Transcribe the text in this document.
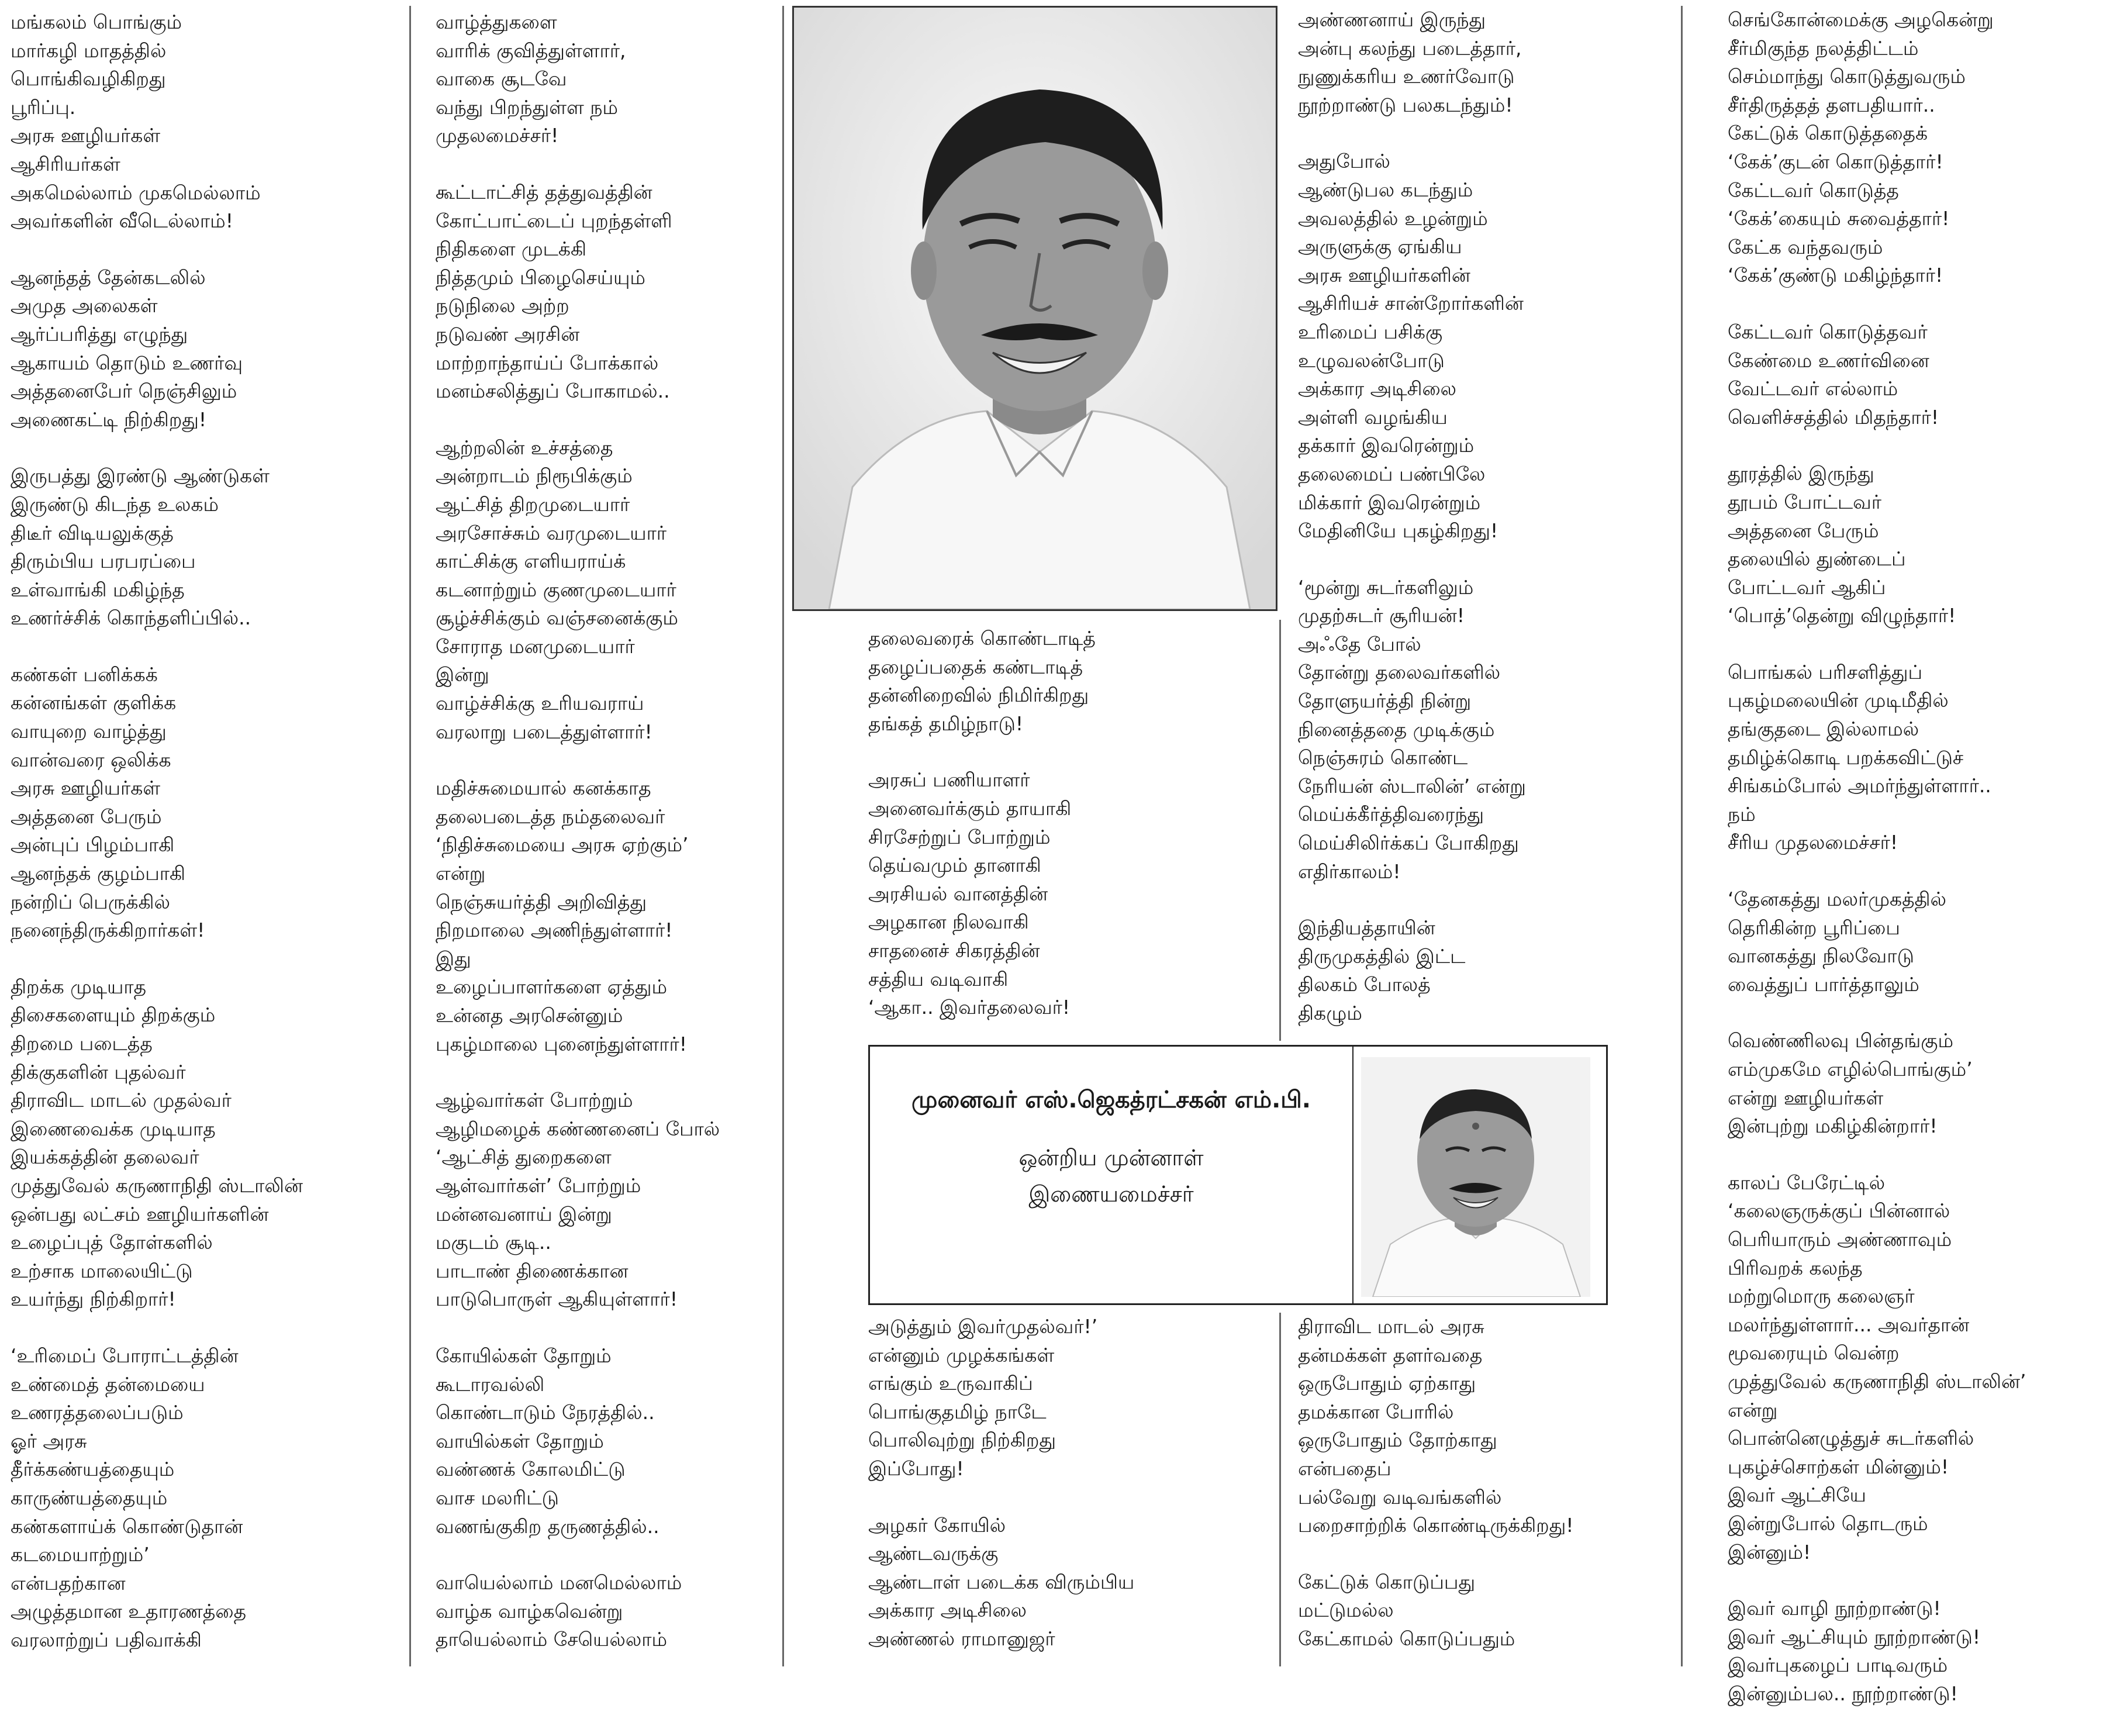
மங்கலம் பொங்கும்
மார்கழி மாதத்தில்
பொங்கிவழிகிறது
பூரிப்பு.
அரசு ஊழியர்கள்
ஆசிரியர்கள்
அகமெல்லாம் முகமெல்லாம்
அவர்களின் வீடெல்லாம்!

ஆனந்தத் தேன்கடலில்
அமுத அலைகள்
ஆர்ப்பரித்து எழுந்து
ஆகாயம் தொடும் உணர்வு
அத்தனைபேர் நெஞ்சிலும்
அணைகட்டி நிற்கிறது!

இருபத்து இரண்டு ஆண்டுகள்
இருண்டு கிடந்த உலகம்
திடீர் விடியலுக்குத்
திரும்பிய பரபரப்பை
உள்வாங்கி மகிழ்ந்த
உணர்ச்சிக் கொந்தளிப்பில்..

கண்கள் பனிக்கக்
கன்னங்கள் குளிக்க
வாயுறை வாழ்த்து
வான்வரை ஒலிக்க
அரசு ஊழியர்கள்
அத்தனை பேரும்
அன்புப் பிழம்பாகி
ஆனந்தக் குழம்பாகி
நன்றிப் பெருக்கில்
நனைந்திருக்கிறார்கள்!

திறக்க முடியாத
திசைகளையும் திறக்கும்
திறமை படைத்த
திக்குகளின் புதல்வர்
திராவிட மாடல் முதல்வர்
இணைவைக்க முடியாத
இயக்கத்தின் தலைவர்
முத்துவேல் கருணாநிதி ஸ்டாலின்
ஒன்பது லட்சம் ஊழியர்களின்
உழைப்புத் தோள்களில்
உற்சாக மாலையிட்டு
உயர்ந்து நிற்கிறார்!

‘உரிமைப் போராட்டத்தின்
உண்மைத் தன்மையை
உணரத்தலைப்படும்
ஓர் அரசு
தீர்க்கண்யத்தையும்
காருண்யத்தையும்
கண்களாய்க் கொண்டுதான்
கடமையாற்றும்’
என்பதற்கான
அழுத்தமான உதாரணத்தை
வரலாற்றுப் பதிவாக்கி

வாழ்த்துகளை
வாரிக் குவித்துள்ளார்,
வாகை சூடவே
வந்து பிறந்துள்ள நம்
முதலமைச்சர்!

கூட்டாட்சித் தத்துவத்தின்
கோட்பாட்டைப் புறந்தள்ளி
நிதிகளை முடக்கி
நித்தமும் பிழைசெய்யும்
நடுநிலை அற்ற
நடுவண் அரசின்
மாற்றாந்தாய்ப் போக்கால்
மனம்சலித்துப் போகாமல்..

ஆற்றலின் உச்சத்தை
அன்றாடம் நிரூபிக்கும்
ஆட்சித் திறமுடையார்
அரசோச்சும் வரமுடையார்
காட்சிக்கு எளியராய்க்
கடனாற்றும் குணமுடையார்
சூழ்ச்சிக்கும் வஞ்சனைக்கும்
சோராத மனமுடையார்
இன்று
வாழ்ச்சிக்கு உரியவராய்
வரலாறு படைத்துள்ளார்!

மதிச்சுமையால் கனக்காத
தலைபடைத்த நம்தலைவர்
‘நிதிச்சுமையை அரசு ஏற்கும்’
என்று
நெஞ்சுயர்த்தி அறிவித்து
நிறமாலை அணிந்துள்ளார்!
இது
உழைப்பாளர்களை ஏத்தும்
உன்னத அரசென்னும்
புகழ்மாலை புனைந்துள்ளார்!

ஆழ்வார்கள் போற்றும்
ஆழிமழைக் கண்ணனைப் போல்
‘ஆட்சித் துறைகளை
ஆள்வார்கள்’ போற்றும்
மன்னவனாய் இன்று
மகுடம் சூடி..
பாடாண் திணைக்கான
பாடுபொருள் ஆகியுள்ளார்!

கோயில்கள் தோறும்
கூடாரவல்லி
கொண்டாடும் நேரத்தில்..
வாயில்கள் தோறும்
வண்ணக் கோலமிட்டு
வாச மலரிட்டு
வணங்குகிற தருணத்தில்..

வாயெல்லாம் மனமெல்லாம்
வாழ்க வாழ்கவென்று
தாயெல்லாம் சேயெல்லாம்

தலைவரைக் கொண்டாடித்
தழைப்பதைக் கண்டாடித்
தன்னிறைவில் நிமிர்கிறது
தங்கத் தமிழ்நாடு!

அரசுப் பணியாளர்
அனைவர்க்கும் தாயாகி
சிரசேற்றுப் போற்றும்
தெய்வமும் தானாகி
அரசியல் வானத்தின்
அழகான நிலவாகி
சாதனைச் சிகரத்தின்
சத்திய வடிவாகி
‘ஆகா.. இவர்தலைவர்!

அடுத்தும் இவர்முதல்வர்!’
என்னும் முழக்கங்கள்
எங்கும் உருவாகிப்
பொங்குதமிழ் நாடே
பொலிவுற்று நிற்கிறது
இப்போது!

அழகர் கோயில்
ஆண்டவருக்கு
ஆண்டாள் படைக்க விரும்பிய
அக்கார அடிசிலை
அண்ணல் ராமானுஜர்

அண்ணனாய் இருந்து
அன்பு கலந்து படைத்தார்,
நுணுக்கரிய உணர்வோடு
நூற்றாண்டு பலகடந்தும்!

அதுபோல்
ஆண்டுபல கடந்தும்
அவலத்தில் உழன்றும்
அருளுக்கு ஏங்கிய
அரசு ஊழியர்களின்
ஆசிரியச் சான்றோர்களின்
உரிமைப் பசிக்கு
உழுவலன்போடு
அக்கார அடிசிலை
அள்ளி வழங்கிய
தக்கார் இவரென்றும்
தலைமைப் பண்பிலே
மிக்கார் இவரென்றும்
மேதினியே புகழ்கிறது!

‘மூன்று சுடர்களிலும்
முதற்சுடர் சூரியன்!
அஃதே போல்
தோன்று தலைவர்களில்
தோளுயர்த்தி நின்று
நினைத்ததை முடிக்கும்
நெஞ்சுரம் கொண்ட
நேரியன் ஸ்டாலின்’ என்று
மெய்க்கீர்த்திவரைந்து
மெய்சிலிர்க்கப் போகிறது
எதிர்காலம்!

இந்தியத்தாயின்
திருமுகத்தில் இட்ட
திலகம் போலத்
திகழும்

திராவிட மாடல் அரசு
தன்மக்கள் தளர்வதை
ஒருபோதும் ஏற்காது
தமக்கான போரில்
ஒருபோதும் தோற்காது
என்பதைப்
பல்வேறு வடிவங்களில்
பறைசாற்றிக் கொண்டிருக்கிறது!

கேட்டுக் கொடுப்பது
மட்டுமல்ல
கேட்காமல் கொடுப்பதும்

செங்கோன்மைக்கு அழகென்று
சீர்மிகுந்த நலத்திட்டம்
செம்மாந்து கொடுத்துவரும்
சீர்திருத்தத் தளபதியார்..
கேட்டுக் கொடுத்ததைக்
‘கேக்’குடன் கொடுத்தார்!
கேட்டவர் கொடுத்த
‘கேக்’கையும் சுவைத்தார்!
கேட்க வந்தவரும்
‘கேக்’குண்டு மகிழ்ந்தார்!

கேட்டவர் கொடுத்தவர்
கேண்மை உணர்வினை
வேட்டவர் எல்லாம்
வெளிச்சத்தில் மிதந்தார்!

தூரத்தில் இருந்து
தூபம் போட்டவர்
அத்தனை பேரும்
தலையில் துண்டைப்
போட்டவர் ஆகிப்
‘பொத்’தென்று விழுந்தார்!

பொங்கல் பரிசளித்துப்
புகழ்மலையின் முடிமீதில்
தங்குதடை இல்லாமல்
தமிழ்க்கொடி பறக்கவிட்டுச்
சிங்கம்போல் அமர்ந்துள்ளார்..
நம்
சீரிய முதலமைச்சர்!

‘தேனகத்து மலர்முகத்தில்
தெரிகின்ற பூரிப்பை
வானகத்து நிலவோடு
வைத்துப் பார்த்தாலும்

வெண்ணிலவு பின்தங்கும்
எம்முகமே எழில்பொங்கும்’
என்று ஊழியர்கள்
இன்புற்று மகிழ்கின்றார்!

காலப் பேரேட்டில்
‘கலைஞருக்குப் பின்னால்
பெரியாரும் அண்ணாவும்
பிரிவறக் கலந்த
மற்றுமொரு கலைஞர்
மலர்ந்துள்ளார்... அவர்தான்
மூவரையும் வென்ற
முத்துவேல் கருணாநிதி ஸ்டாலின்’
என்று
பொன்னெழுத்துச் சுடர்களில்
புகழ்ச்சொற்கள் மின்னும்!
இவர் ஆட்சியே
இன்றுபோல் தொடரும்
இன்னும்!

இவர் வாழி நூற்றாண்டு!
இவர் ஆட்சியும் நூற்றாண்டு!
இவர்புகழைப் பாடிவரும்
இன்னும்பல.. நூற்றாண்டு!

முனைவர் எஸ்.ஜெகத்ரட்சகன் எம்.பி.
ஒன்றிய முன்னாள்
இணையமைச்சர்
